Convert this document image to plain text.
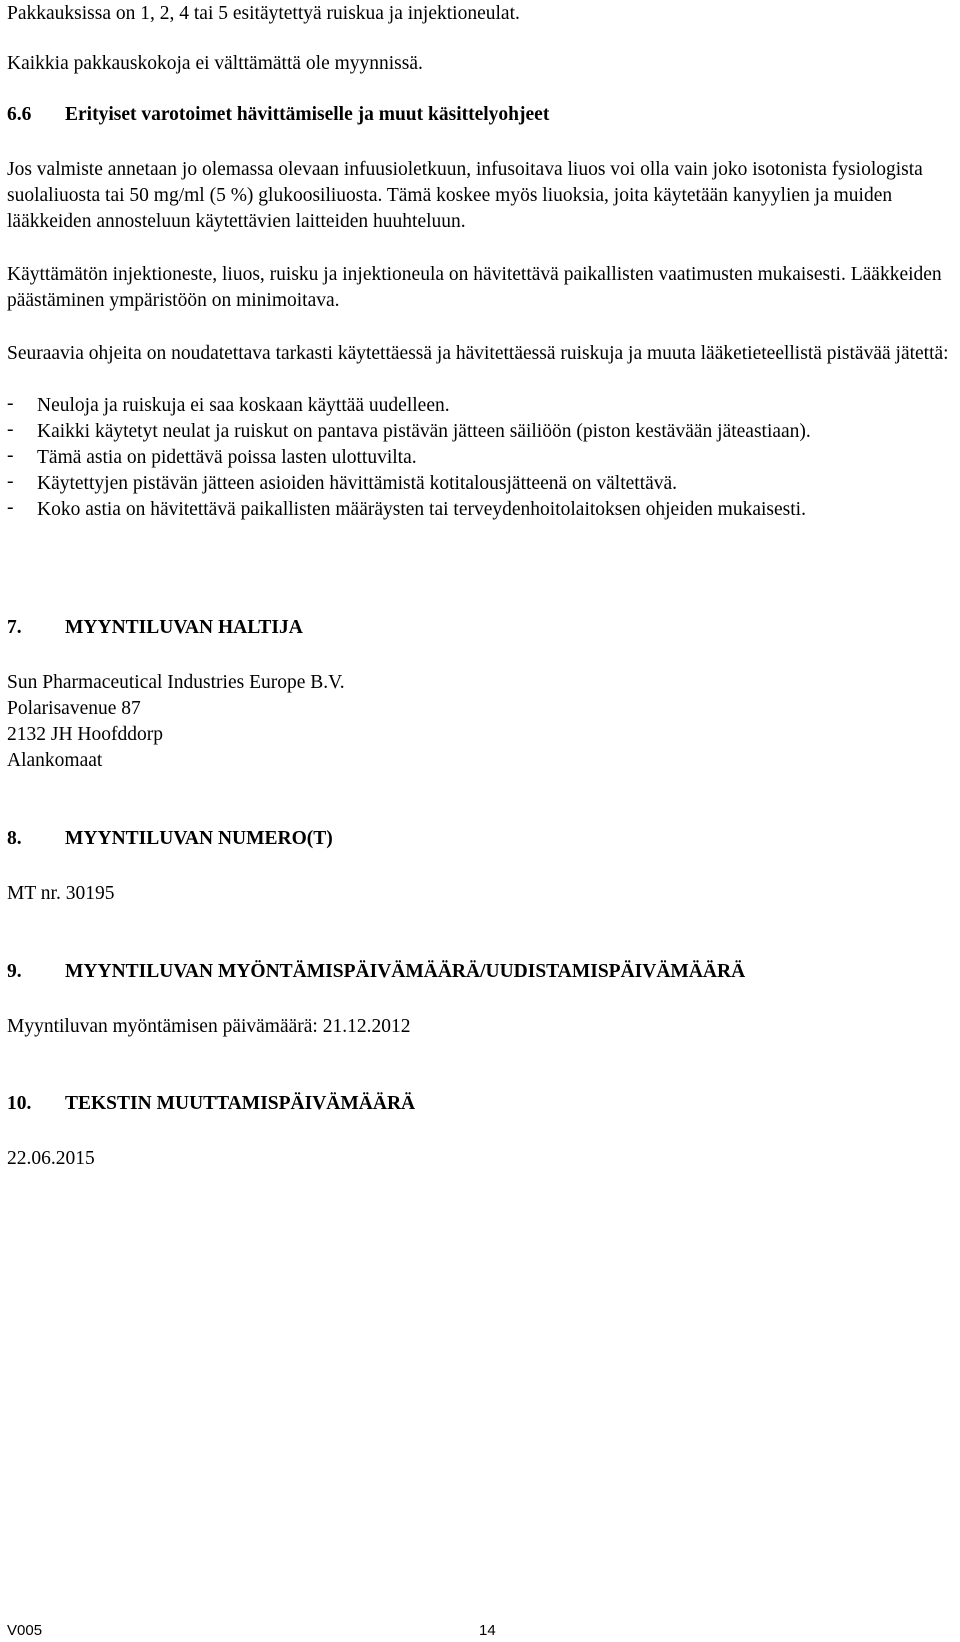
Pakkauksissa on 1, 2, 4 tai 5 esitäytettyä ruiskua ja injektioneulat.

Kaikkia pakkauskokoja ei välttämättä ole myynnissä.

6.6	Erityiset varotoimet hävittämiselle ja muut käsittelyohjeet

Jos valmiste annetaan jo olemassa olevaan infuusioletkuun, infusoitava liuos voi olla vain joko isotonista fysiologista suolaliuosta tai 50 mg/ml (5 %) glukoosiliuosta. Tämä koskee myös liuoksia, joita käytetään kanyylien ja muiden lääkkeiden annosteluun käytettävien laitteiden huuhteluun.

Käyttämätön injektioneste, liuos, ruisku ja injektioneula on hävitettävä paikallisten vaatimusten mukaisesti. Lääkkeiden päästäminen ympäristöön on minimoitava.

Seuraavia ohjeita on noudatettava tarkasti käytettäessä ja hävitettäessä ruiskuja ja muuta lääketieteellistä pistävää jätettä:

-	Neuloja ja ruiskuja ei saa koskaan käyttää uudelleen.

-	Kaikki käytetyt neulat ja ruiskut on pantava pistävän jätteen säiliöön (piston kestävään jäteastiaan).

-	Tämä astia on pidettävä poissa lasten ulottuvilta.

-	Käytettyjen pistävän jätteen asioiden hävittämistä kotitalousjätteenä on vältettävä.

-	Koko astia on hävitettävä paikallisten määräysten tai terveydenhoitolaitoksen ohjeiden mukaisesti.

7.	MYYNTILUVAN HALTIJA

Sun Pharmaceutical Industries Europe B.V.

Polarisavenue 87

2132 JH Hoofddorp

Alankomaat

8.	MYYNTILUVAN NUMERO(T)

MT nr. 30195

9.	MYYNTILUVAN MYÖNTÄMISPÄIVÄMÄÄRÄ/UUDISTAMISPÄIVÄMÄÄRÄ

Myyntiluvan myöntämisen päivämäärä: 21.12.2012

10.	TEKSTIN MUUTTAMISPÄIVÄMÄÄRÄ

22.06.2015

V005	14
